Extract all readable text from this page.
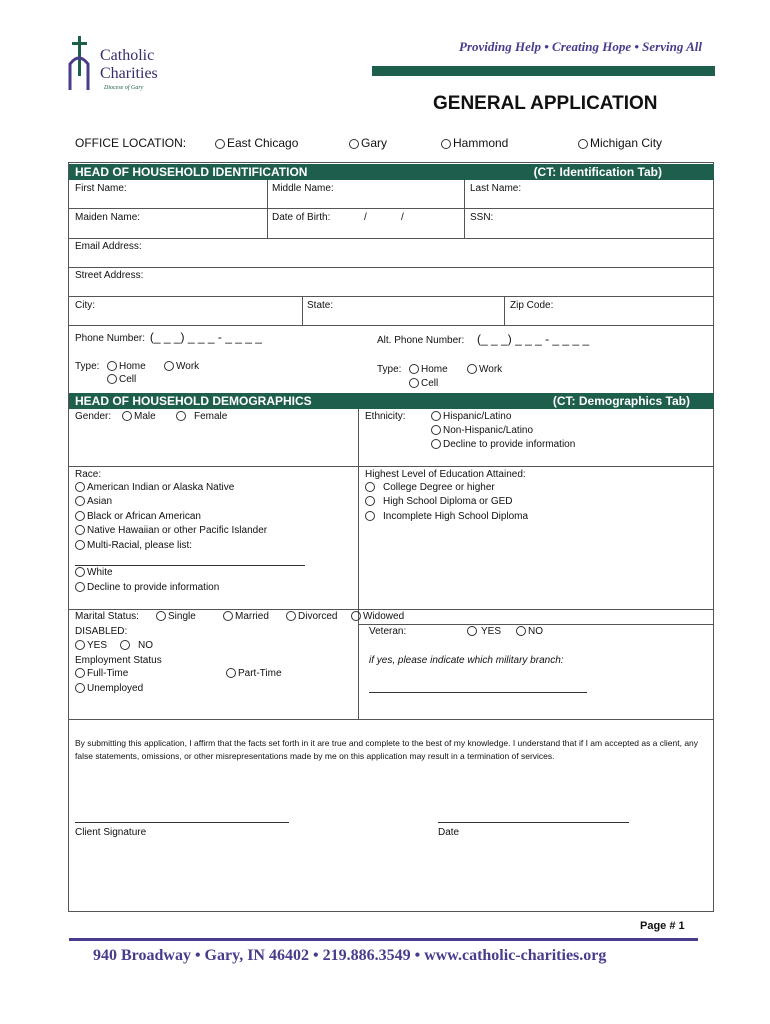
Catholic
Charities
Diocese of Gary
Providing Help • Creating Hope • Serving All
GENERAL APPLICATION
OFFICE LOCATION:	East Chicago	Gary	Hammond	Michigan City
HEAD OF HOUSEHOLD IDENTIFICATION	(CT: Identification Tab)
First Name:	Middle Name:	Last Name:
Maiden Name:	Date of Birth:	/	/	SSN:
Email Address:
Street Address:
City:	State:	Zip Code:
Phone Number: (_ _ _) _ _ _ - _ _ _ _	Alt. Phone Number: (_ _ _) _ _ _ - _ _ _ _
Type:	Home	Work
Cell
Type:	Home	Work
Cell
HEAD OF HOUSEHOLD DEMOGRAPHICS	(CT: Demographics Tab)
Gender:	Male	Female	Ethnicity:	Hispanic/Latino
Non-Hispanic/Latino
Decline to provide information
Race:
American Indian or Alaska Native
Asian
Black or African American
Native Hawaiian or other Pacific Islander
Multi-Racial, please list:
White
Decline to provide information
Highest Level of Education Attained:
College Degree or higher
High School Diploma or GED
Incomplete High School Diploma
Marital Status:	Single	Married	Divorced	Widowed
DISABLED:
YES	NO
Employment Status
Full-Time	Part-Time
Unemployed
Veteran:	YES	NO
if yes, please indicate which military branch:
By submitting this application, I affirm that the facts set forth in it are true and complete to the best of my knowledge. I understand that if I am accepted as a client, any false statements, omissions, or other misrepresentations made by me on this application may result in a termination of services.
Client Signature	Date
Page # 1
940 Broadway • Gary, IN 46402 • 219.886.3549 • www.catholic-charities.org
